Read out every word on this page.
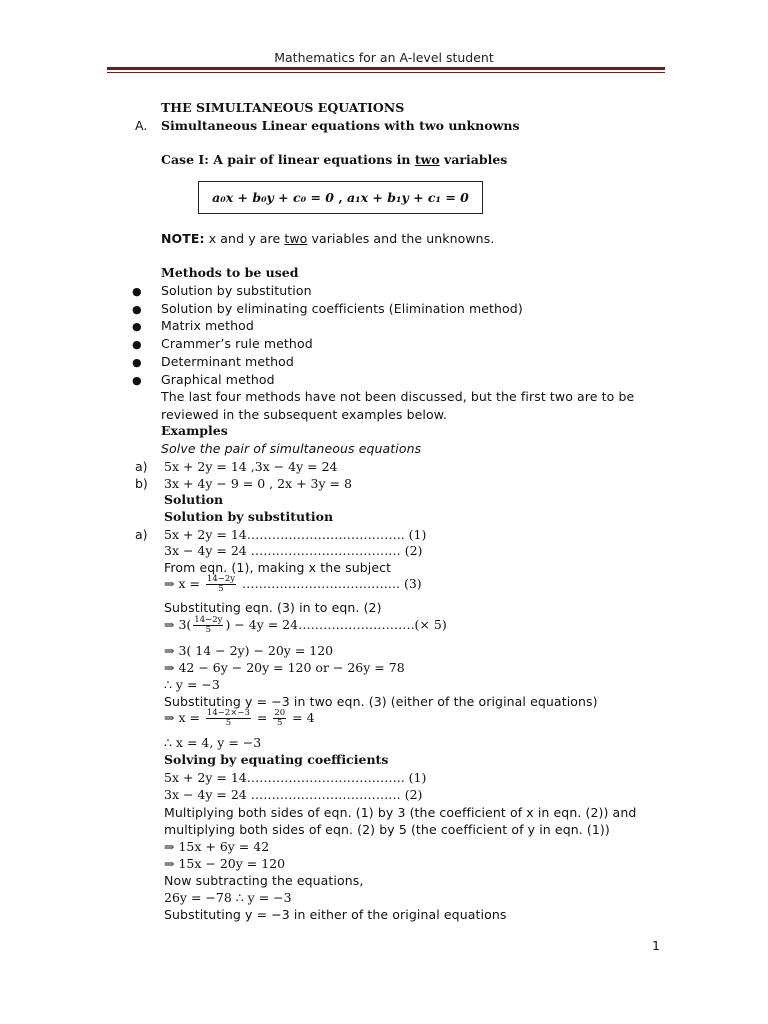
Mathematics for an A-level student
THE SIMULTANEOUS EQUATIONS
A. Simultaneous Linear equations with two unknowns
Case I: A pair of linear equations in two variables
a₀x + b₀y + c₀ = 0 , a₁x + b₁y + c₁ = 0
NOTE: x and y are two variables and the unknowns.
Methods to be used
● Solution by substitution
● Solution by eliminating coefficients (Elimination method)
● Matrix method
● Crammer’s rule method
● Determinant method
● Graphical method
The last four methods have not been discussed, but the first two are to be
reviewed in the subsequent examples below.
Examples
Solve the pair of simultaneous equations
a) 5x + 2y = 14 ,3x − 4y = 24
b) 3x + 4y − 9 = 0 , 2x + 3y = 8
Solution
Solution by substitution
a) 5x + 2y = 14……………………………….. (1)
3x − 4y = 24 ……………………………… (2)
From eqn. (1), making x the subject
⇒ $x = \frac{14-2y}{5}$ ……………………………….. (3)
Substituting eqn. (3) in to eqn. (2)
⇒ $3( \frac{14-2y}{5}$ ) − 4y = 24……………………….(× 5)
⇒ 3( 14 − 2y) − 20y = 120
⇒ 42 − 6y − 20y = 120 or − 26y = 78
∴ y = −3
Substituting y = −3 in two eqn. (3) (either of the original equations)
⇒ $x = \frac{14-2\times-3}{5} = \frac{20}{5} = 4$
∴ x = 4, y = −3
Solving by equating coefficients
5x + 2y = 14……………………………….. (1)
3x − 4y = 24 ……………………………… (2)
Multiplying both sides of eqn. (1) by 3 (the coefficient of x in eqn. (2)) and
multiplying both sides of eqn. (2) by 5 (the coefficient of y in eqn. (1))
⇒ 15x + 6y = 42
⇒ 15x − 20y = 120
Now subtracting the equations,
26y = −78 ∴ y = −3
Substituting y = −3 in either of the original equations
1
